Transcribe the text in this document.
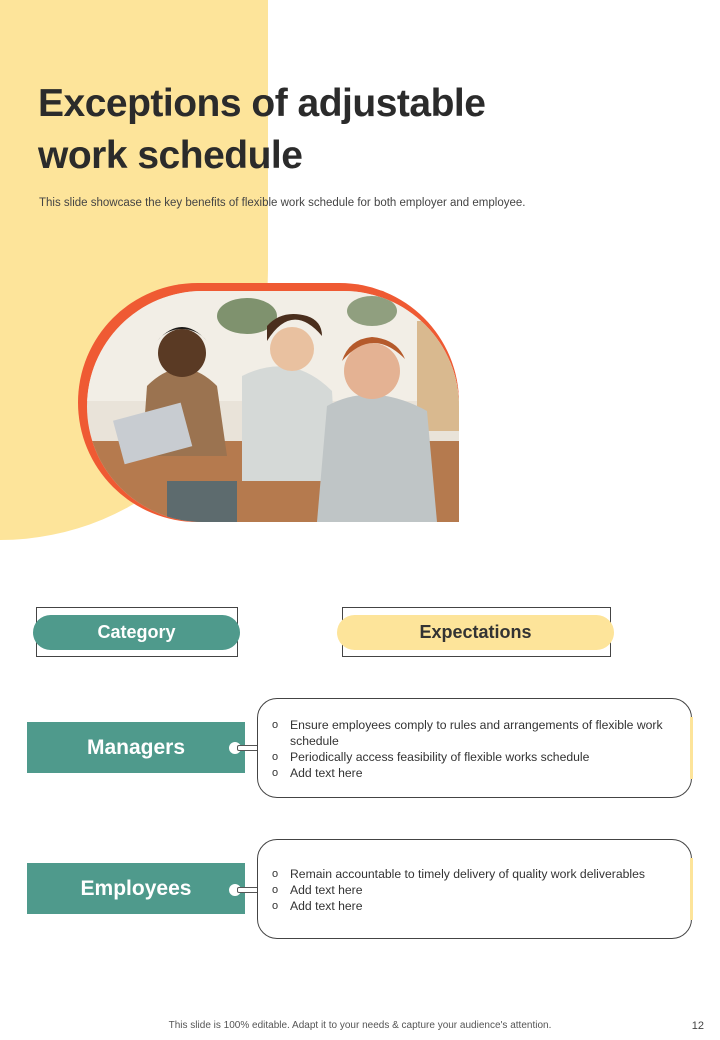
Exceptions of adjustable work schedule

This slide showcase the key benefits of flexible work schedule for both employer and employee.

Category	Expectations
Managers
o Ensure employees comply to rules and arrangements of flexible work schedule
o Periodically access feasibility of flexible works schedule
o Add text here
Employees
o Remain accountable to timely delivery of quality work deliverables
o Add text here
o Add text here
This slide is 100% editable. Adapt it to your needs & capture your audience's attention.	12
